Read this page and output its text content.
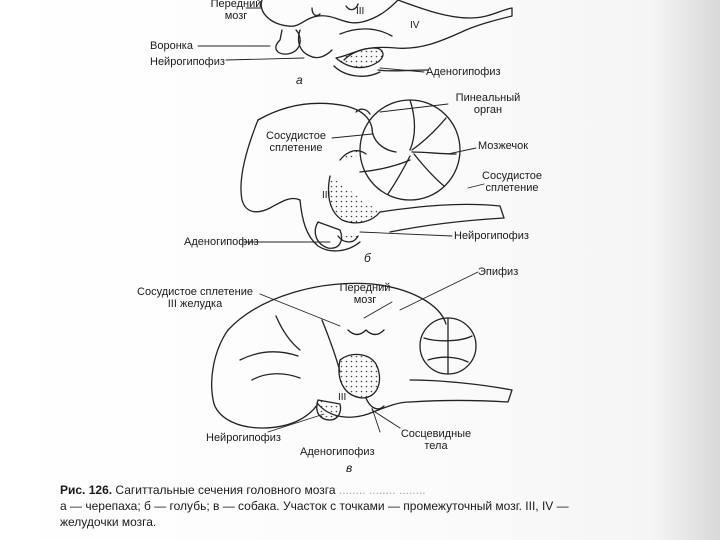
Передний
мозг
Воронка
Нейрогипофиз
Аденогипофиз
III
IV
а
Пинеальный
орган
Сосудистое
сплетение	Мозжечок
Сосудистое
сплетение
III
Аденогипофиз	Нейрогипофиз
б
Сосудистое сплетение
III желудка
Передний
мозг
Эпифиз
III
Нейрогипофиз
Аденогипофиз
Сосцевидные
тела
в
Рис. 126. Сагиттальные сечения головного мозга ........ ........ ........
а — черепаха; б — голубь; в — собака. Участок с точками — промежуточный мозг. III, IV —
желудочки мозга.
